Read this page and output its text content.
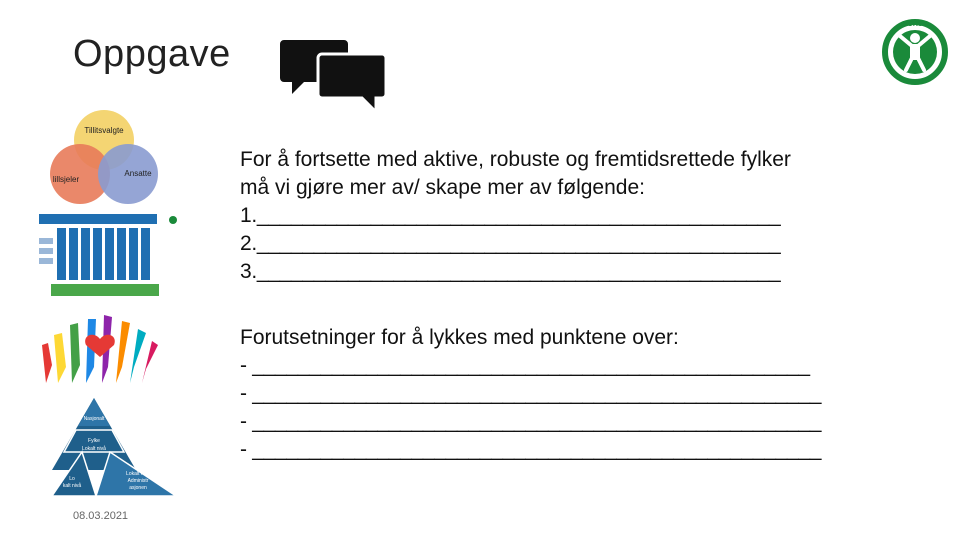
Oppgave
NORSK
Tillitsvalgte
lillsjeler
Ansatte
Nasjonalt
Fylke
Lokalt nivå
Lo
kalt nivå
Lokalt nivå
Administr
asjonen
08.03.2021
For å fortsette med aktive, robuste og fremtidsrettede fylker
må vi gjøre mer av/ skape mer av følgende:
1.______________________________________________
2.______________________________________________
3.______________________________________________
Forutsetninger for å lykkes med punktene over:
- _________________________________________________
- __________________________________________________
- __________________________________________________
- __________________________________________________
